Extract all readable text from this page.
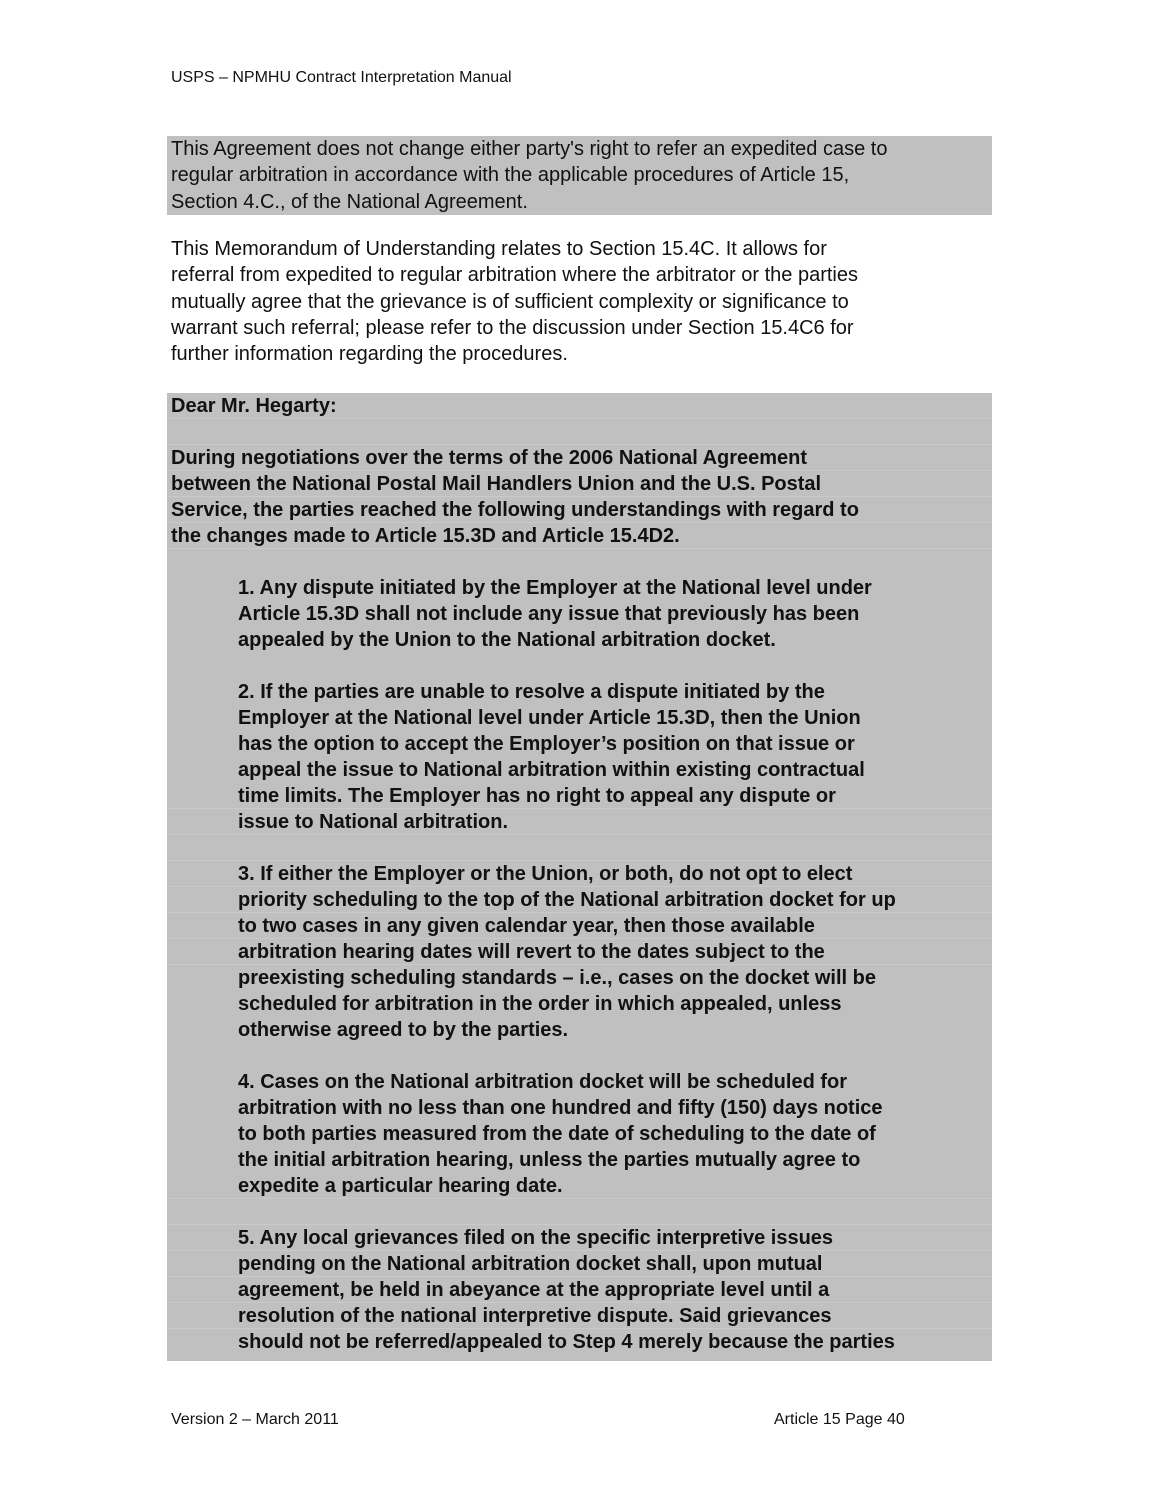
USPS – NPMHU Contract Interpretation Manual

This Agreement does not change either party's right to refer an expedited case to

regular arbitration in accordance with the applicable procedures of Article 15,

Section 4.C., of the National Agreement.

This Memorandum of Understanding relates to Section 15.4C. It allows for
referral from expedited to regular arbitration where the arbitrator or the parties
mutually agree that the grievance is of sufficient complexity or significance to
warrant such referral; please refer to the discussion under Section 15.4C6 for
further information regarding the procedures.
Dear Mr. Hegarty:
During negotiations over the terms of the 2006 National Agreement
between the National Postal Mail Handlers Union and the U.S. Postal
Service, the parties reached the following understandings with regard to
the changes made to Article 15.3D and Article 15.4D2.
1. Any dispute initiated by the Employer at the National level under
Article 15.3D shall not include any issue that previously has been
appealed by the Union to the National arbitration docket.
2. If the parties are unable to resolve a dispute initiated by the
Employer at the National level under Article 15.3D, then the Union
has the option to accept the Employer’s position on that issue or
appeal the issue to National arbitration within existing contractual
time limits. The Employer has no right to appeal any dispute or
issue to National arbitration.
3. If either the Employer or the Union, or both, do not opt to elect
priority scheduling to the top of the National arbitration docket for up
to two cases in any given calendar year, then those available
arbitration hearing dates will revert to the dates subject to the
preexisting scheduling standards – i.e., cases on the docket will be
scheduled for arbitration in the order in which appealed, unless
otherwise agreed to by the parties.
4. Cases on the National arbitration docket will be scheduled for
arbitration with no less than one hundred and fifty (150) days notice
to both parties measured from the date of scheduling to the date of
the initial arbitration hearing, unless the parties mutually agree to
expedite a particular hearing date.
5. Any local grievances filed on the specific interpretive issues
pending on the National arbitration docket shall, upon mutual
agreement, be held in abeyance at the appropriate level until a
resolution of the national interpretive dispute. Said grievances
should not be referred/appealed to Step 4 merely because the parties
Version 2 – March 2011	Article 15 Page 40
